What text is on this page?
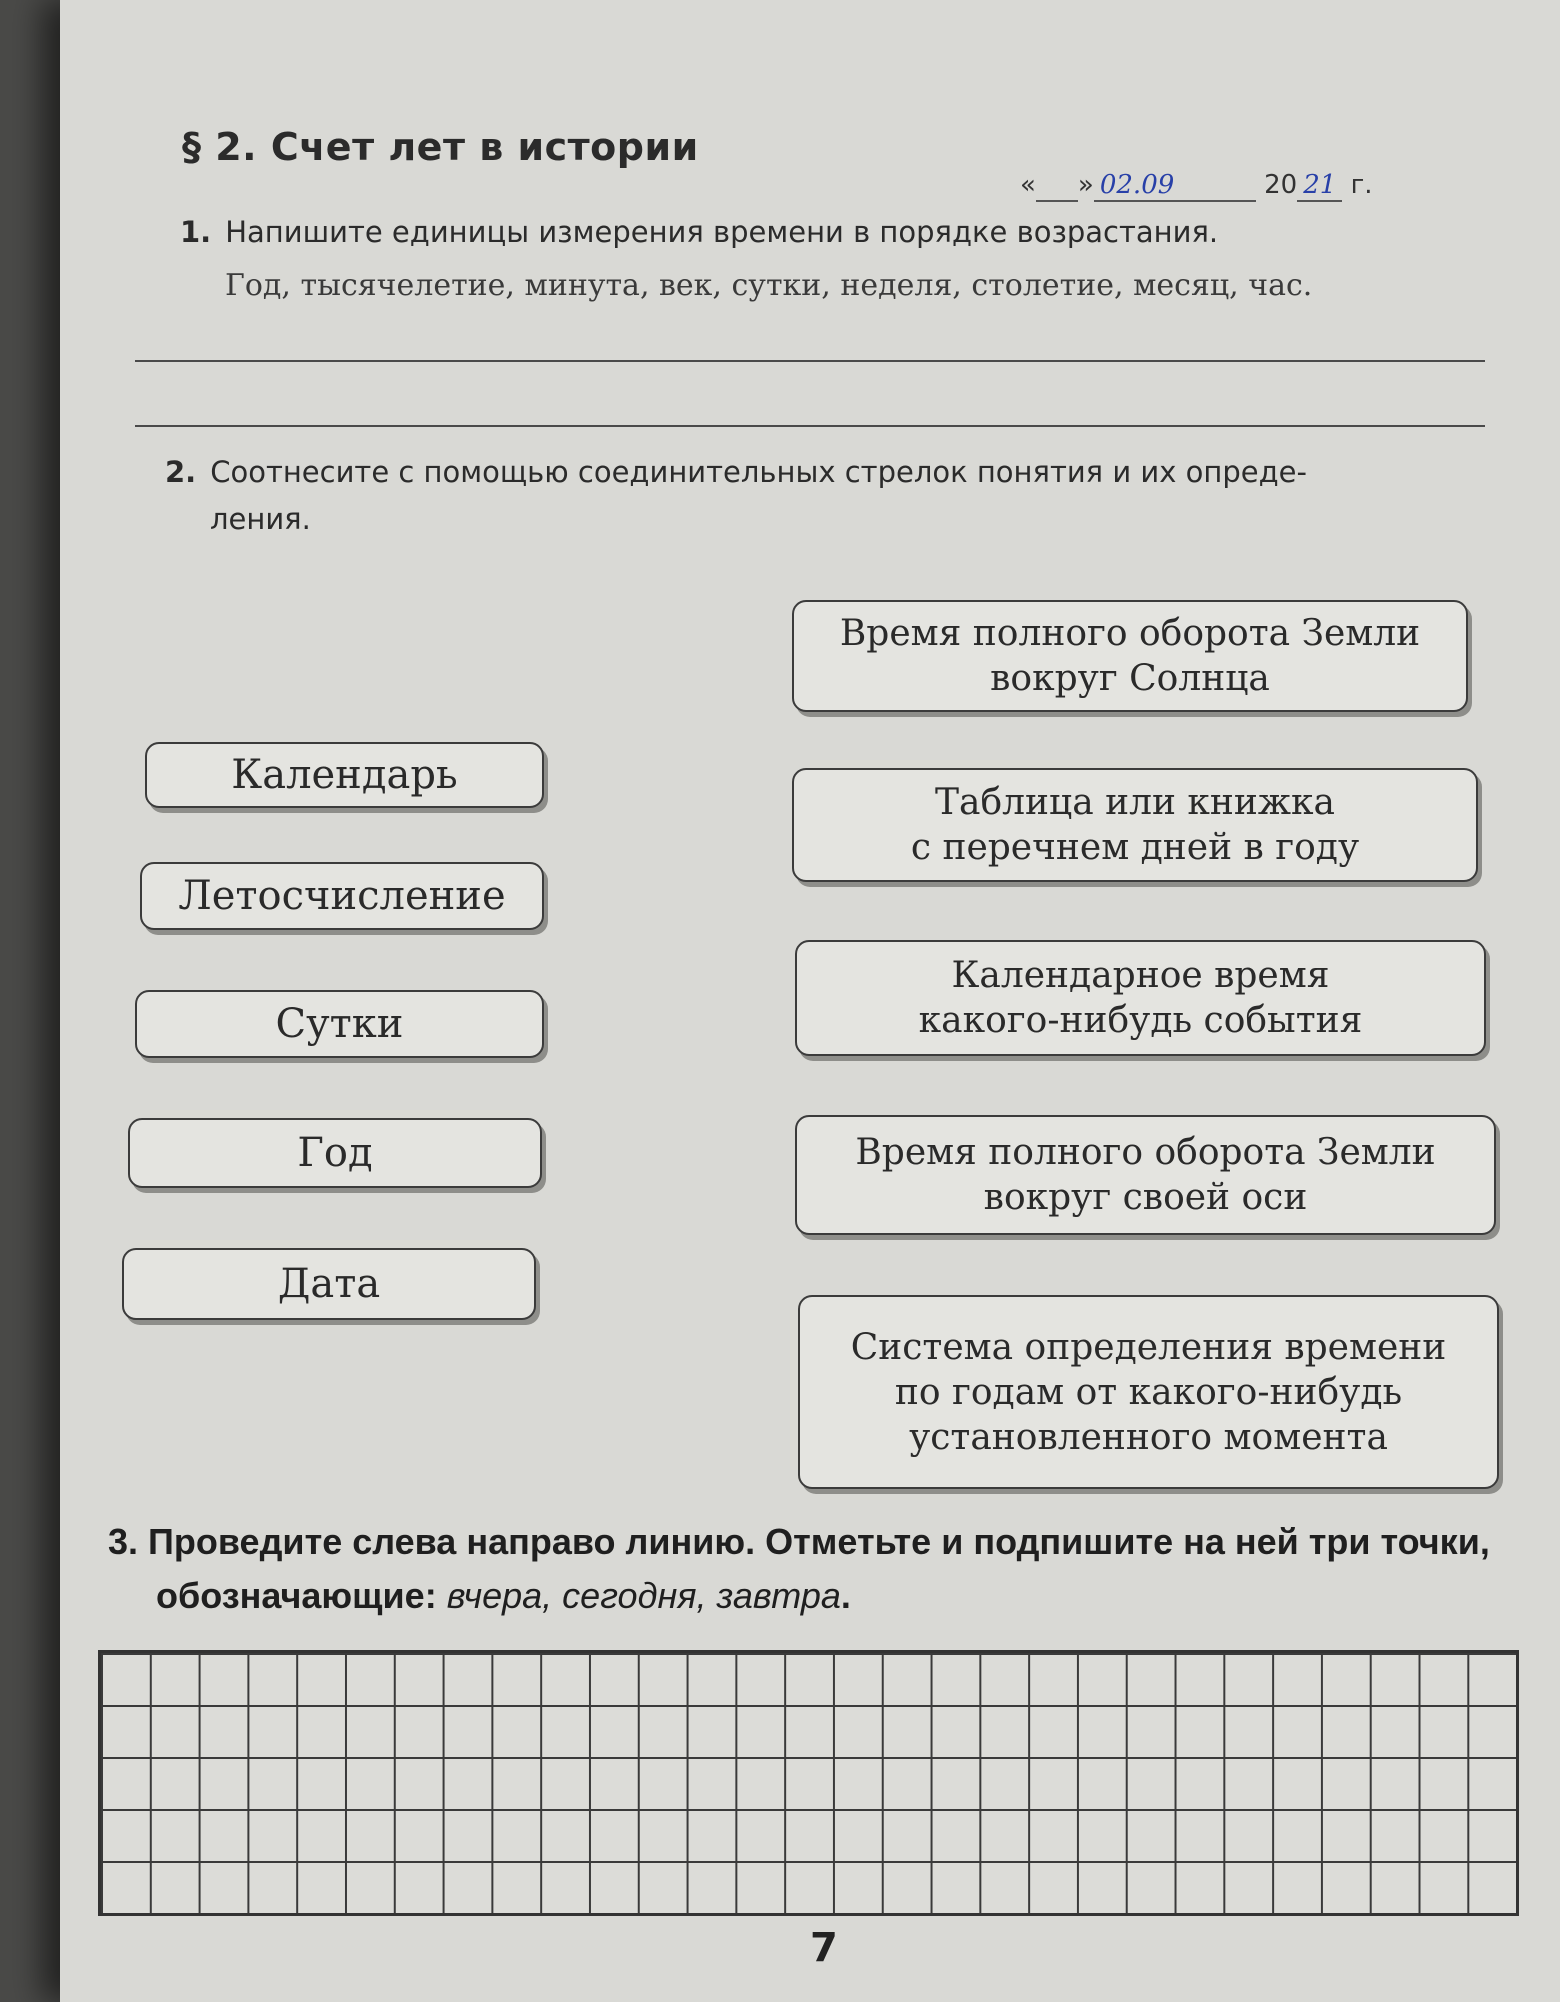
§ 2. Счет лет в истории
« » 02.09	20 21 г.
1. Напишите единицы измерения времени в порядке возрастания.
Год, тысячелетие, минута, век, сутки, неделя, столетие, месяц, час.
2. Соотнесите с помощью соединительных стрелок понятия и их опреде-
ления.
Календарь
Летосчисление
Сутки
Год
Дата
Время полного оборота Земли
вокруг Солнца
Таблица или книжка
с перечнем дней в году
Календарное время
какого-нибудь события
Время полного оборота Земли
вокруг своей оси
Система определения времени
по годам от какого-нибудь
установленного момента
3. Проведите слева направо линию. Отметьте и подпишите на ней три точки,
обозначающие: вчера, сегодня, завтра.
7
